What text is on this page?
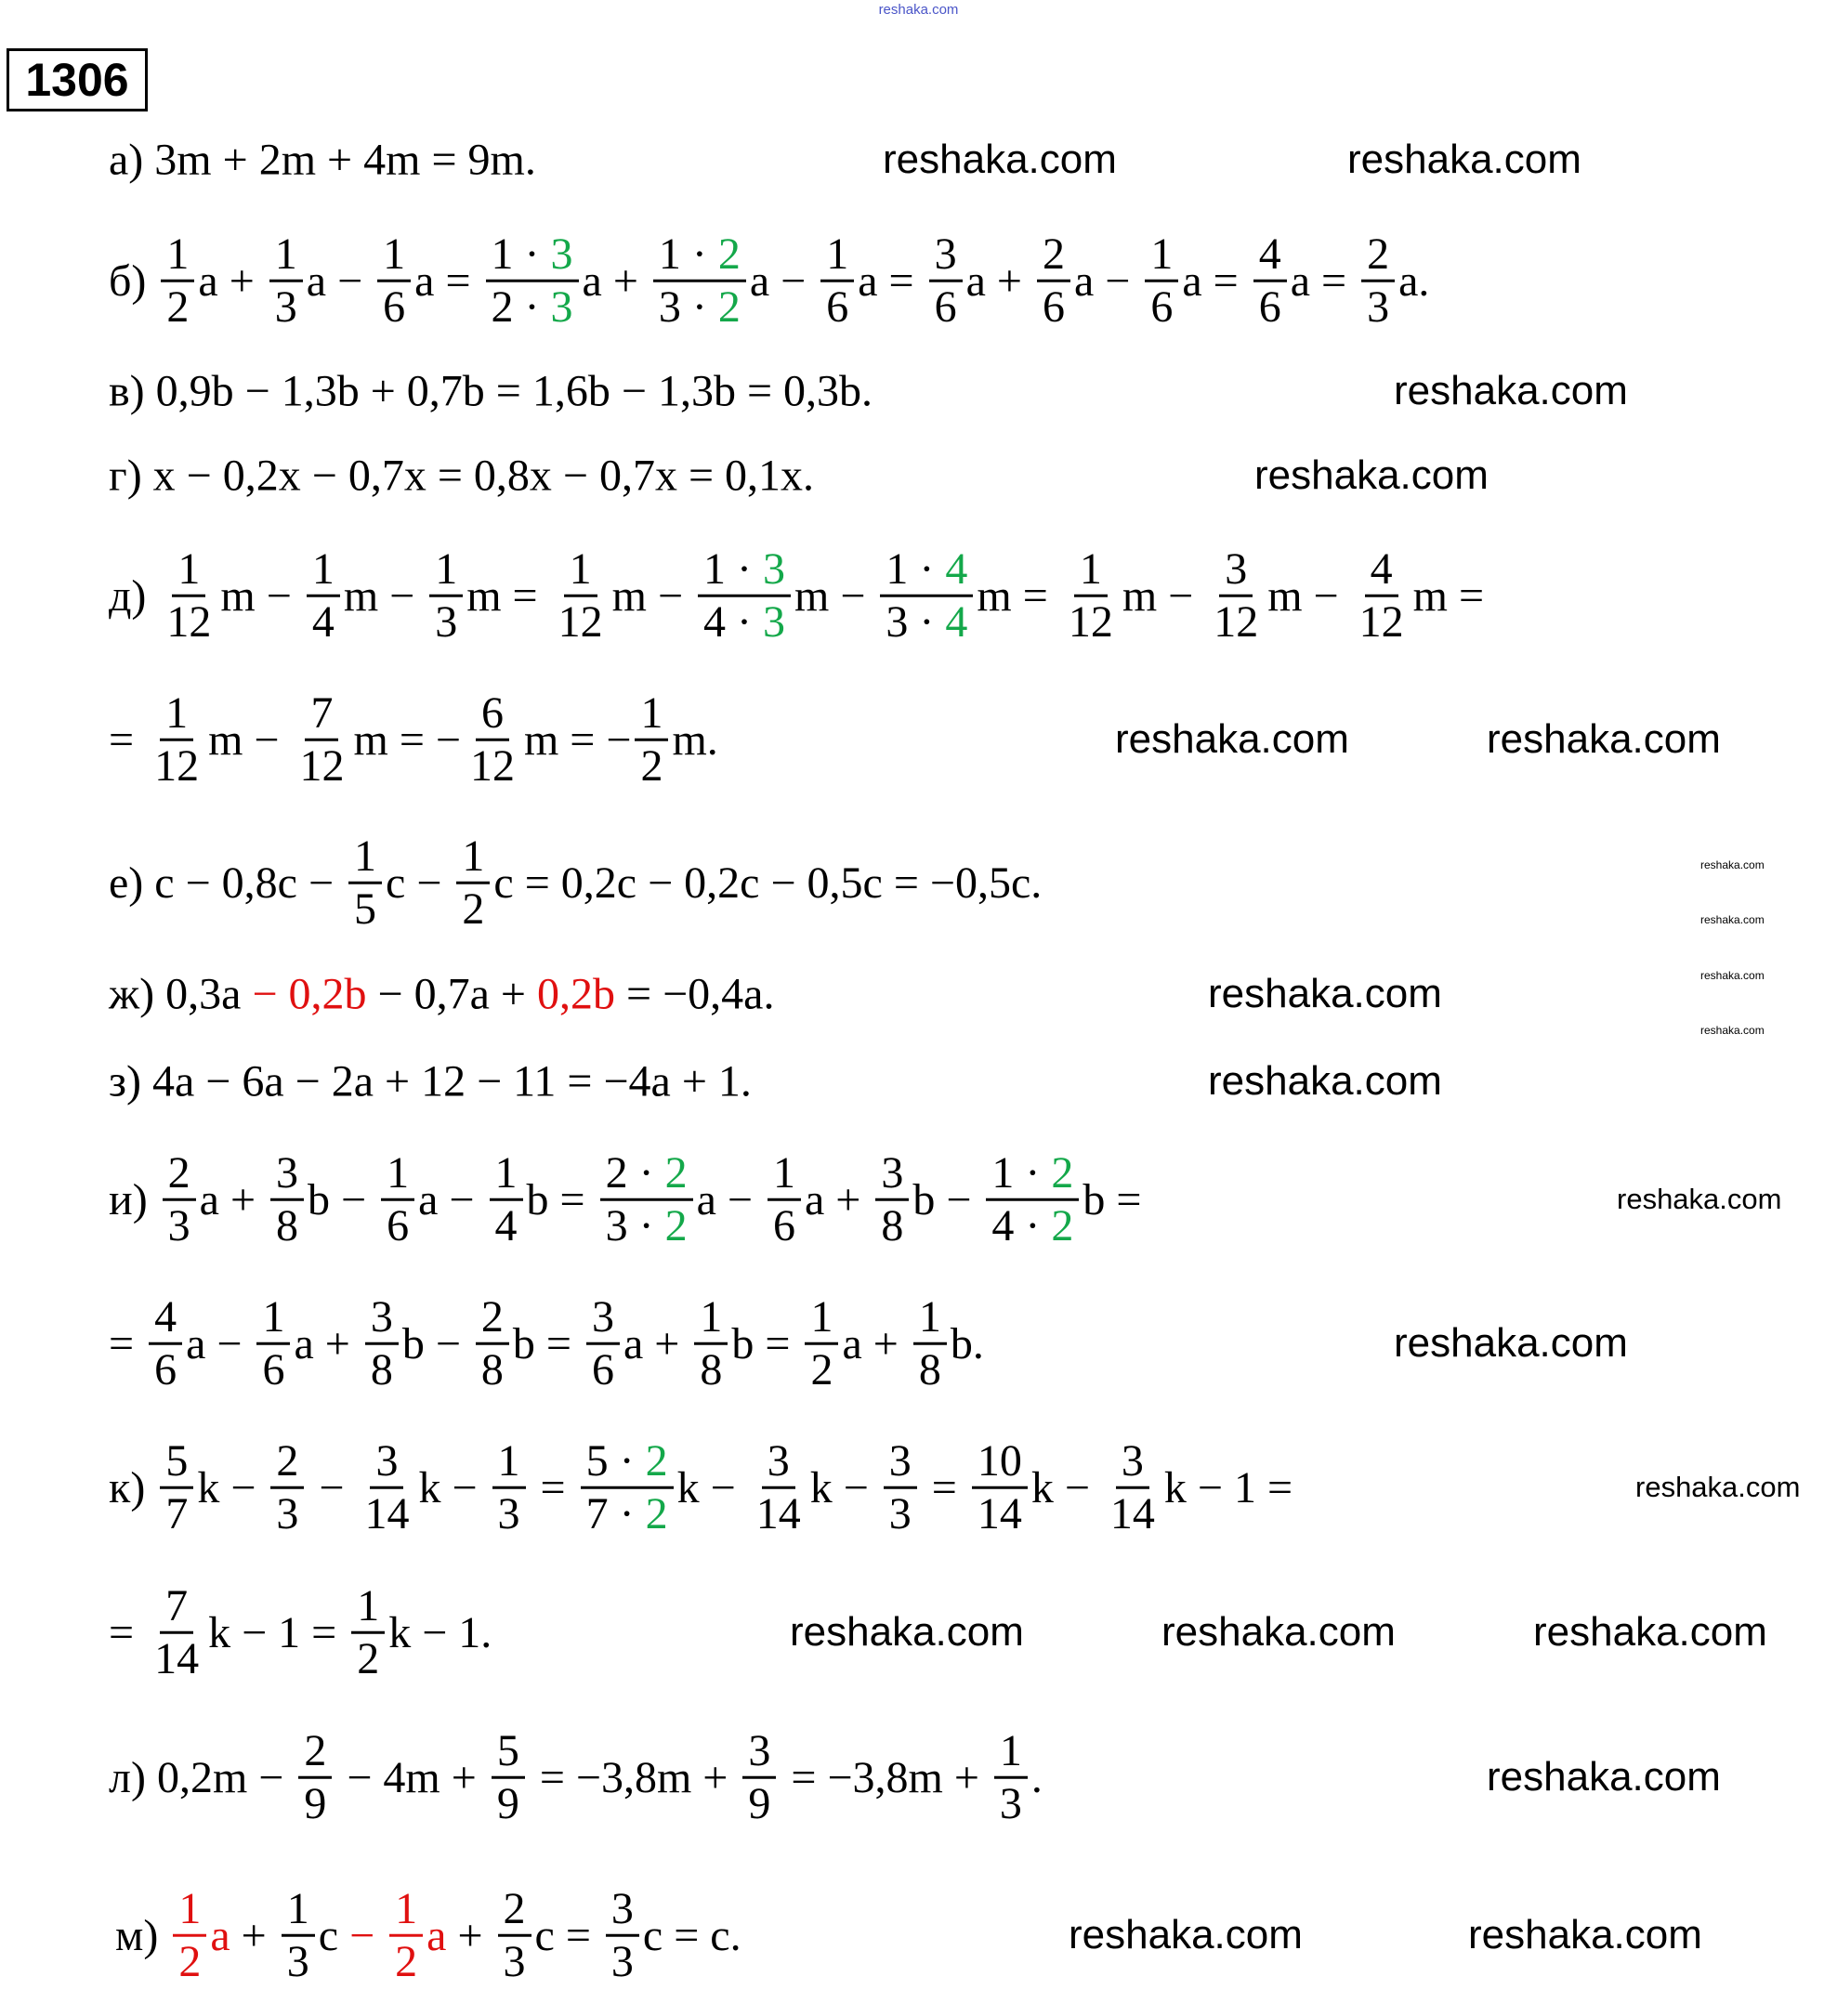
reshaka.com
1306
а) 3m + 2m + 4m = 9m.
$б) \frac{1}{2}$ $a + \frac{1}{3}$ $a - \frac{1}{6}$ $a = \frac{1 \cdot 3}{2 \cdot 3}$ $a + \frac{1 \cdot 2}{3 \cdot 2}$ $a - \frac{1}{6}$ $a = \frac{3}{6}$ $a + \frac{2}{6}$ $a - \frac{1}{6}$ $a = \frac{4}{6}$ $a = \frac{2}{3} a$.
в) 0,9b − 1,3b + 0,7b = 1,6b − 1,3b = 0,3b.
г) x − 0,2x − 0,7x = 0,8x − 0,7x = 0,1x.
$д) \frac{1}{12}$ $m - \frac{1}{4}$ $m - \frac{1}{3}$ $m = \frac{1}{12}$ $m - \frac{1 \cdot 3}{4 \cdot 3}$ $m - \frac{1 \cdot 4}{3 \cdot 4}$ $m = \frac{1}{12}$ $m - \frac{3}{12}$ $m - \frac{4}{12}$ m =
= $\frac{1}{12}$ $m - \frac{7}{12}$ m = − $\frac{6}{12}$ m = − $\frac{1}{2} m$.
е) $c - 0,8c - \frac{1}{5}$ $c - \frac{1}{2}$ c = 0,2c − 0,2c − 0,5c = −0,5c.
ж) 0,3a − 0,2b − 0,7a + 0,2b = −0,4a.
з) 4a − 6a − 2a + 12 − 11 = −4a + 1.
$и) \frac{2}{3}$ $a + \frac{3}{8}$ $b - \frac{1}{6}$ $a - \frac{1}{4}$ $b = \frac{2 \cdot 2}{3 \cdot 2}$ $a - \frac{1}{6}$ $a + \frac{3}{8}$ $b - \frac{1 \cdot 2}{4 \cdot 2}$ b =
= $\frac{4}{6}$ $a - \frac{1}{6}$ $a + \frac{3}{8}$ $b - \frac{2}{8}$ $b = \frac{3}{6}$ $a + \frac{1}{8}$ $b = \frac{1}{2}$ $a + \frac{1}{8} b$.
$к) \frac{5}{7}$ $k - \frac{2}{3} - \frac{3}{14}$ $k - \frac{1}{3} = \frac{5 \cdot 2}{7 \cdot 2}$ $k - \frac{3}{14}$ $k - \frac{3}{3} = \frac{10}{14}$ $k - \frac{3}{14}$ k − 1 =
= $\frac{7}{14}$ $k - 1 = \frac{1}{2}$ k − 1.
л) $0,2m - \frac{2}{9} - 4m + \frac{5}{9} = -3,8m + \frac{3}{9} = -3,8m + \frac{1}{3}$ .
$м) \frac{1}{2}$ $a + \frac{1}{3}$ c −
$\frac{1}{2}$ $a + \frac{2}{3}$ $c = \frac{3}{3}$ c = c.
reshaka.com	reshaka.com
reshaka.com
reshaka.com
reshaka.com	reshaka.com
reshaka.com
reshaka.com
reshaka.com
reshaka.com
reshaka.com
reshaka.com
reshaka.com
reshaka.com
reshaka.com
reshaka.com	reshaka.com	reshaka.com
reshaka.com
reshaka.com	reshaka.com
